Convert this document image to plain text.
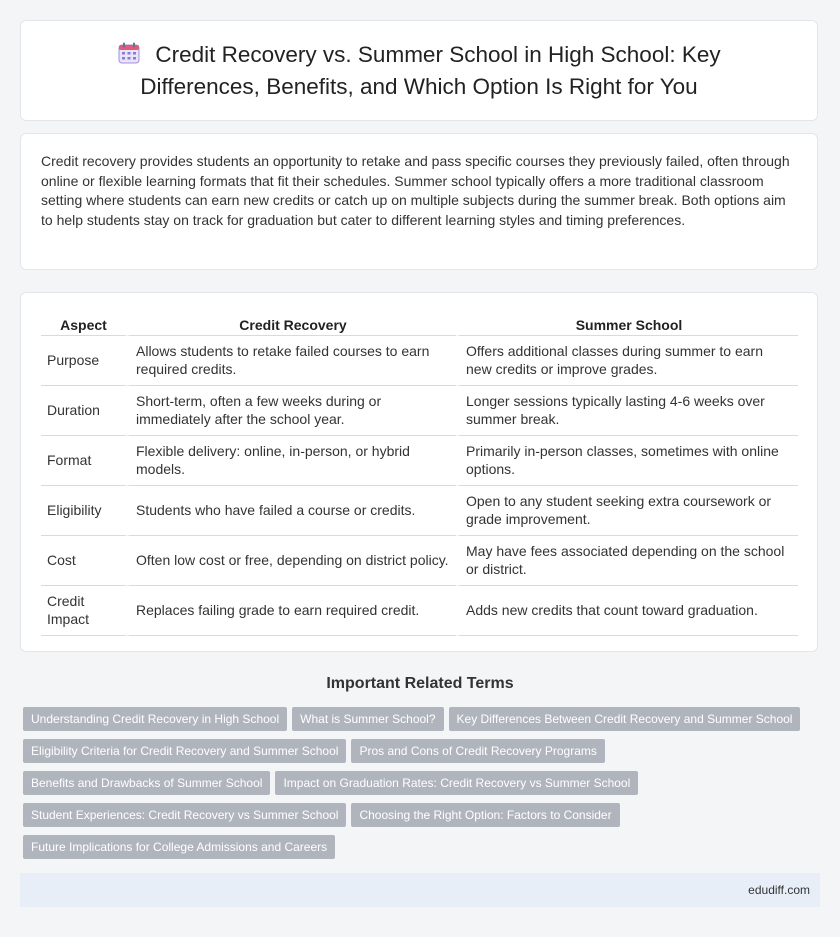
Credit Recovery vs. Summer School in High School: Key Differences, Benefits, and Which Option Is Right for You

Credit recovery provides students an opportunity to retake and pass specific courses they previously failed, often through online or flexible learning formats that fit their schedules. Summer school typically offers a more traditional classroom setting where students can earn new credits or catch up on multiple subjects during the summer break. Both options aim to help students stay on track for graduation but cater to different learning styles and timing preferences.

Aspect	Credit Recovery	Summer School
Purpose	Allows students to retake failed courses to earn required credits.	Offers additional classes during summer to earn new credits or improve grades.
Duration	Short-term, often a few weeks during or immediately after the school year.	Longer sessions typically lasting 4-6 weeks over summer break.
Format	Flexible delivery: online, in-person, or hybrid models.	Primarily in-person classes, sometimes with online options.
Eligibility	Students who have failed a course or credits.	Open to any student seeking extra coursework or grade improvement.
Cost	Often low cost or free, depending on district policy.	May have fees associated depending on the school or district.
Credit Impact	Replaces failing grade to earn required credit.	Adds new credits that count toward graduation.
Important Related Terms
Understanding Credit Recovery in High School What is Summer School? Key Differences Between Credit Recovery and Summer School
Eligibility Criteria for Credit Recovery and Summer School Pros and Cons of Credit Recovery Programs
Benefits and Drawbacks of Summer School Impact on Graduation Rates: Credit Recovery vs Summer School
Student Experiences: Credit Recovery vs Summer School Choosing the Right Option: Factors to Consider
Future Implications for College Admissions and Careers
edudiff.com
